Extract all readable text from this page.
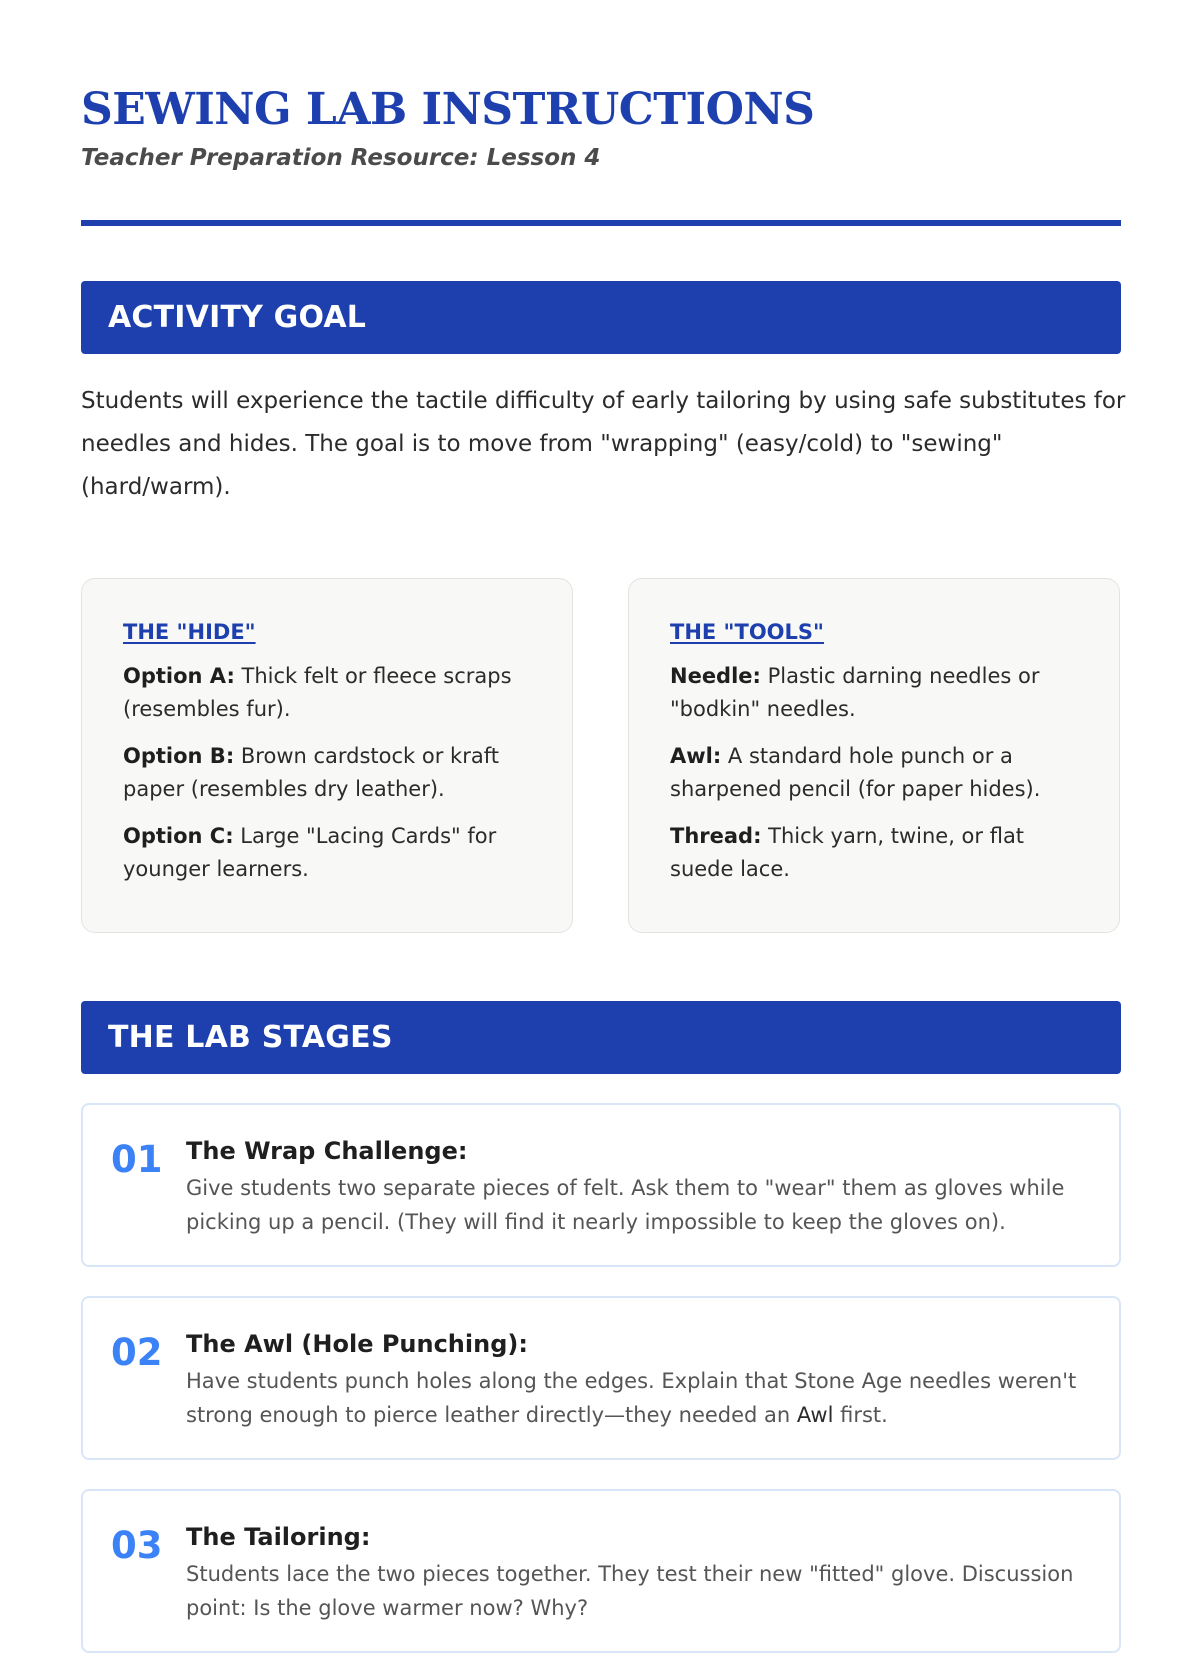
SEWING LAB INSTRUCTIONS
Teacher Preparation Resource: Lesson 4
ACTIVITY GOAL

Students will experience the tactile difficulty of early tailoring by using safe substitutes for needles and hides. The goal is to move from "wrapping" (easy/cold) to "sewing" (hard/warm).

THE "HIDE"
Option A: Thick felt or fleece scraps (resembles fur).
Option B: Brown cardstock or kraft paper (resembles dry leather).
Option C: Large "Lacing Cards" for younger learners.
THE "TOOLS"
Needle: Plastic darning needles or "bodkin" needles.
Awl: A standard hole punch or a sharpened pencil (for paper hides).
Thread: Thick yarn, twine, or flat suede lace.
THE LAB STAGES
01 The Wrap Challenge:
Give students two separate pieces of felt. Ask them to "wear" them as gloves while picking up a pencil. (They will find it nearly impossible to keep the gloves on).
02 The Awl (Hole Punching):
Have students punch holes along the edges. Explain that Stone Age needles weren't strong enough to pierce leather directly—they needed an Awl first.
03 The Tailoring:
Students lace the two pieces together. They test their new "fitted" glove. Discussion point: Is the glove warmer now? Why?
